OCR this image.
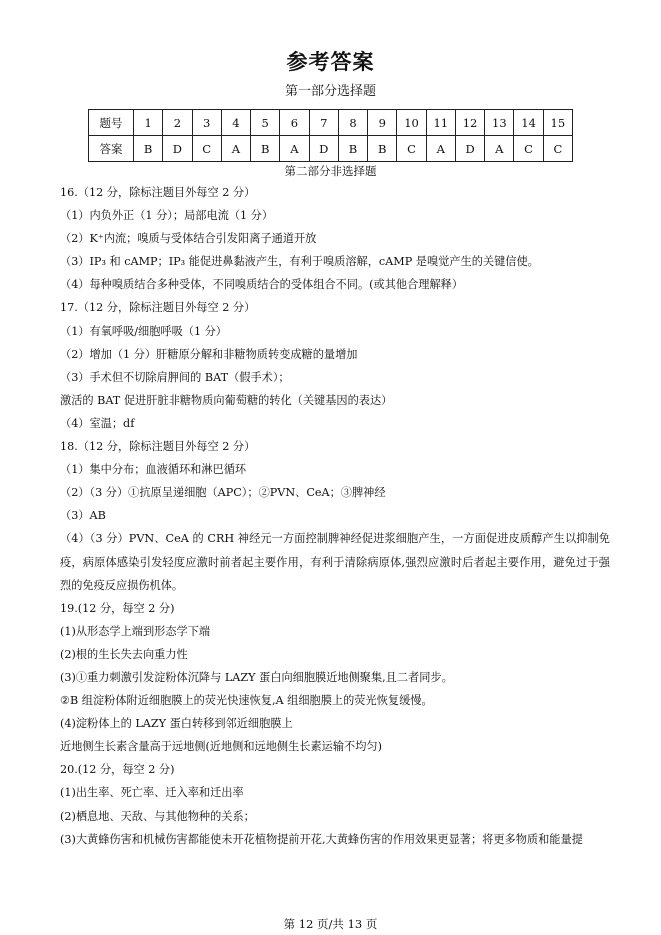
参考答案
第一部分选择题
题号	1	2	3	4	5	6	7	8	9	10	11	12	13	14	15
答案	B	D	C	A	B	A	D	B	B	C	A	D	A	C	C
第二部分非选择题
16.（12 分，除标注题目外每空 2 分）
（1）内负外正（1 分）；局部电流（1 分）
（2）K⁺内流；嗅质与受体结合引发阳离子通道开放
（3）IP₃ 和 cAMP；IP₃ 能促进鼻黏液产生，有利于嗅质溶解，cAMP 是嗅觉产生的关键信使。
（4）每种嗅质结合多种受体，不同嗅质结合的受体组合不同。(或其他合理解释）
17.（12 分，除标注题目外每空 2 分）
（1）有氧呼吸/细胞呼吸（1 分）
（2）增加（1 分）肝糖原分解和非糖物质转变成糖的量增加
（3）手术但不切除肩胛间的 BAT（假手术）；
激活的 BAT 促进肝脏非糖物质向葡萄糖的转化（关键基因的表达）
（4）室温；df
18.（12 分，除标注题目外每空 2 分）
（1）集中分布；血液循环和淋巴循环
（2）（3 分）①抗原呈递细胞（APC）；②PVN、CeA；③脾神经
（3）AB
（4）（3 分）PVN、CeA 的 CRH 神经元一方面控制脾神经促进浆细胞产生，一方面促进皮质醇产生以抑制免疫，病原体感染引发轻度应激时前者起主要作用，有利于清除病原体,强烈应激时后者起主要作用，避免过于强烈的免疫反应损伤机体。
19.(12 分，每空 2 分)
(1)从形态学上端到形态学下端
(2)根的生长失去向重力性
(3)①重力刺激引发淀粉体沉降与 LAZY 蛋白向细胞膜近地侧聚集,且二者同步。
②B 组淀粉体附近细胞膜上的荧光快速恢复,A 组细胞膜上的荧光恢复缓慢。
(4)淀粉体上的 LAZY 蛋白转移到邻近细胞膜上
近地侧生长素含量高于远地侧(近地侧和远地侧生长素运输不均匀)
20.(12 分，每空 2 分)
(1)出生率、死亡率、迁入率和迁出率
(2)栖息地、天敌、与其他物种的关系；
(3)大黄蜂伤害和机械伤害都能使未开花植物提前开花,大黄蜂伤害的作用效果更显著；将更多物质和能量提
第 12 页/共 13 页
